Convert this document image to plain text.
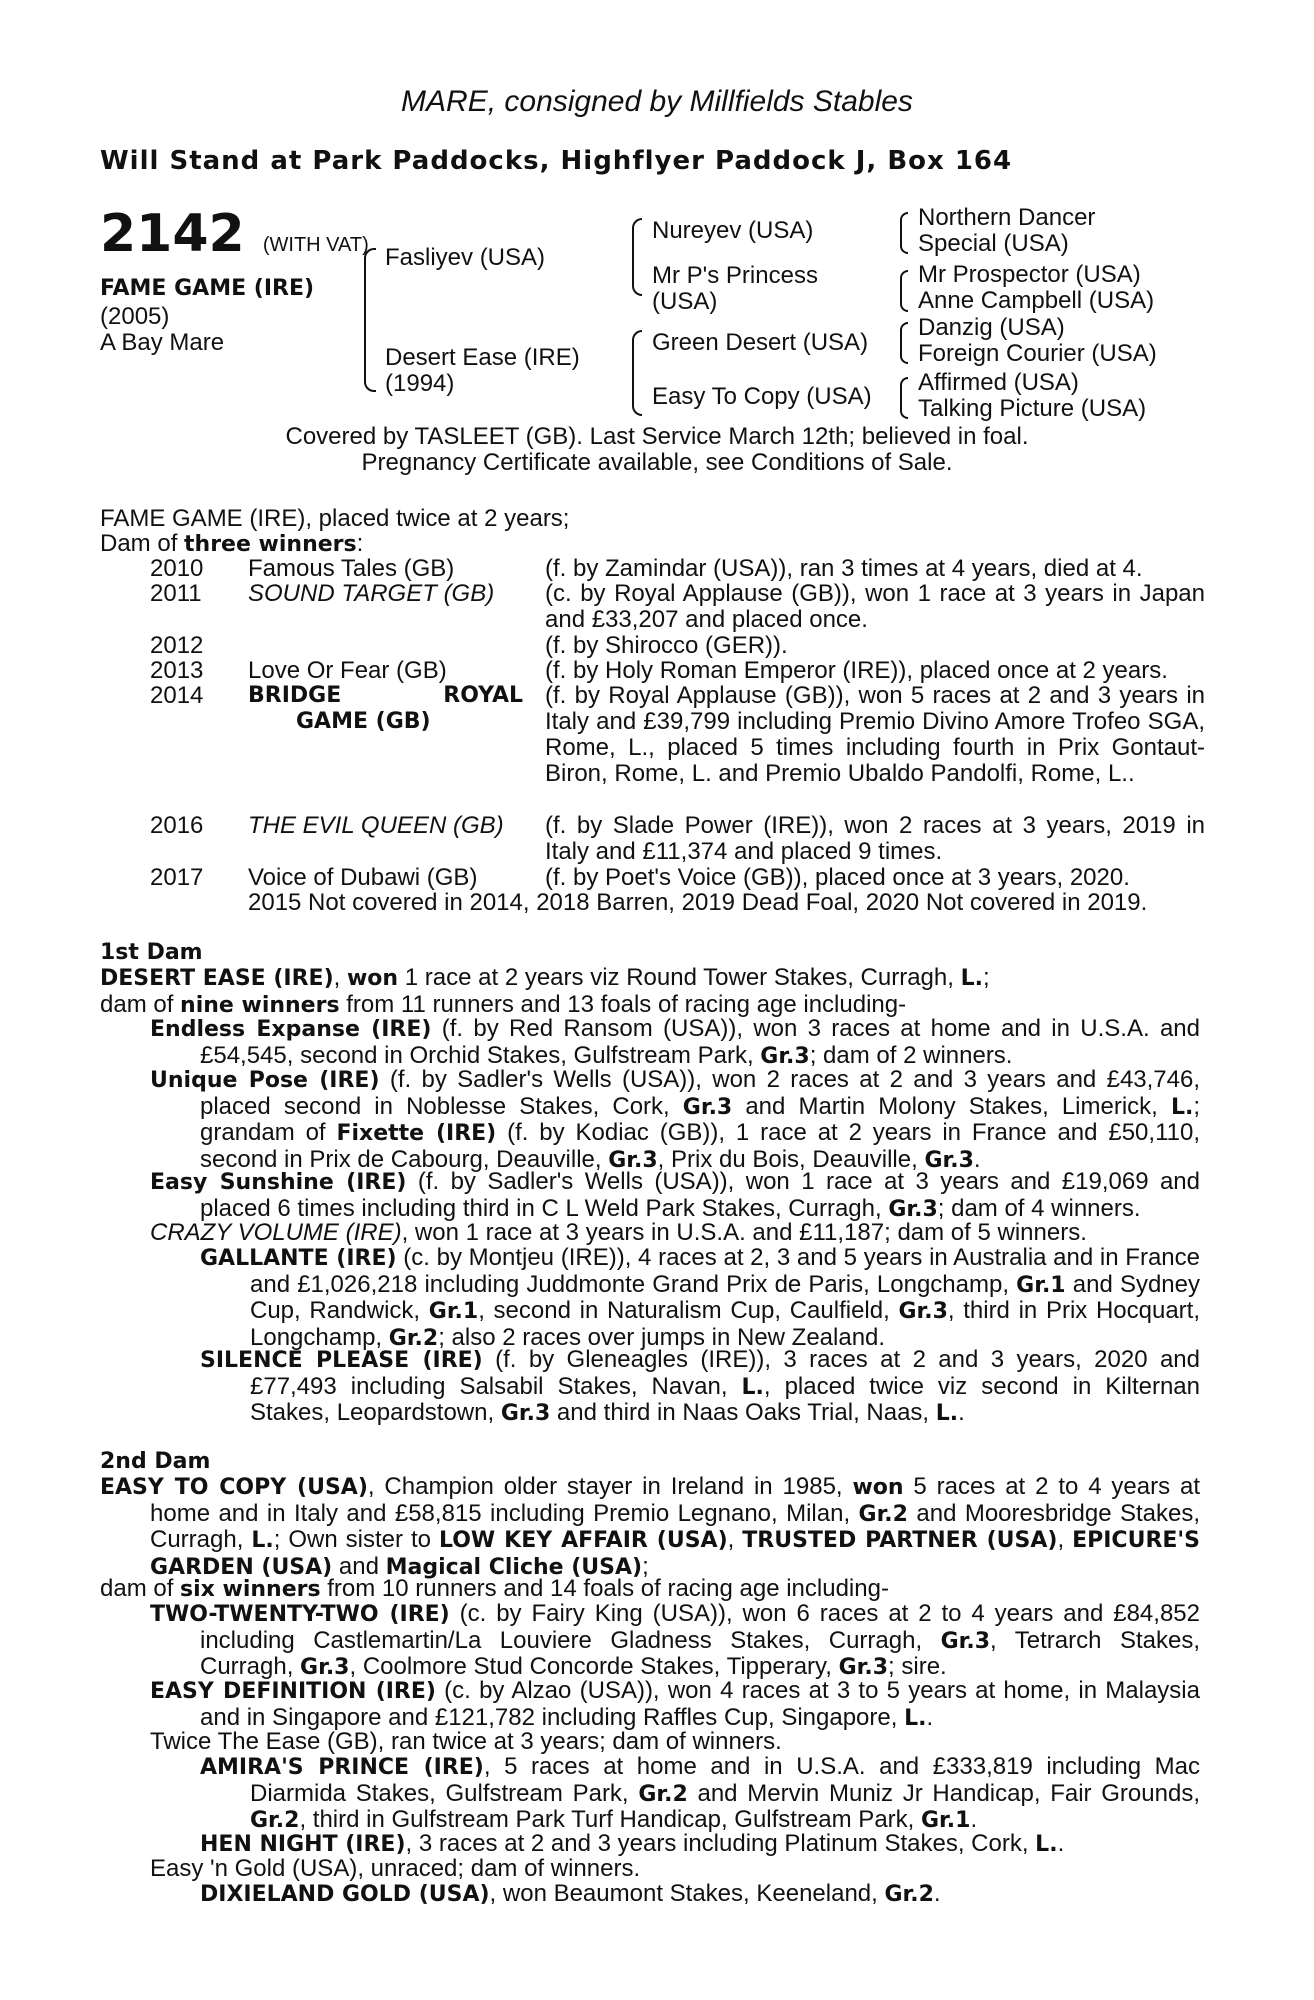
MARE, consigned by Millfields Stables
Will Stand at Park Paddocks, Highflyer Paddock J, Box 164
2142 (WITH VAT)
FAME GAME (IRE)
(2005)
A Bay Mare
Fasliyev (USA)
Desert Ease (IRE)
(1994)
Nureyev (USA)
Mr P's Princess
(USA)
Green Desert (USA)
Easy To Copy (USA)
Northern Dancer
Special (USA)
Mr Prospector (USA)
Anne Campbell (USA)
Danzig (USA)
Foreign Courier (USA)
Affirmed (USA)
Talking Picture (USA)
Covered by TASLEET (GB). Last Service March 12th; believed in foal.
Pregnancy Certificate available, see Conditions of Sale.
FAME GAME (IRE), placed twice at 2 years;
Dam of three winners:
2010 Famous Tales (GB)	(f. by Zamindar (USA)), ran 3 times at 4 years, died at 4.
2011 SOUND TARGET (GB) (c. by Royal Applause (GB)), won 1 race at 3 years in Japan and £33,207 and placed once.
2012	(f. by Shirocco (GER)).
2013 Love Or Fear (GB)	(f. by Holy Roman Emperor (IRE)), placed once at 2 years.
2014 BRIDGE ROYAL
GAME (GB)
(f. by Royal Applause (GB)), won 5 races at 2 and 3 years in Italy and £39,799 including Premio Divino Amore Trofeo SGA, Rome, L., placed 5 times including fourth in Prix Gontaut-Biron, Rome, L. and Premio Ubaldo Pandolfi, Rome, L..
2016 THE EVIL QUEEN (GB) (f. by Slade Power (IRE)), won 2 races at 3 years, 2019 in Italy and £11,374 and placed 9 times.
2017 Voice of Dubawi (GB)	(f. by Poet's Voice (GB)), placed once at 3 years, 2020.
2015 Not covered in 2014, 2018 Barren, 2019 Dead Foal, 2020 Not covered in 2019.
1st Dam
DESERT EASE (IRE), won 1 race at 2 years viz Round Tower Stakes, Curragh, L.;
dam of nine winners from 11 runners and 13 foals of racing age including-
Endless Expanse (IRE) (f. by Red Ransom (USA)), won 3 races at home and in U.S.A. and £54,545, second in Orchid Stakes, Gulfstream Park, Gr.3; dam of 2 winners.
Unique Pose (IRE) (f. by Sadler's Wells (USA)), won 2 races at 2 and 3 years and £43,746, placed second in Noblesse Stakes, Cork, Gr.3 and Martin Molony Stakes, Limerick, L.; grandam of Fixette (IRE) (f. by Kodiac (GB)), 1 race at 2 years in France and £50,110, second in Prix de Cabourg, Deauville, Gr.3, Prix du Bois, Deauville, Gr.3.
Easy Sunshine (IRE) (f. by Sadler's Wells (USA)), won 1 race at 3 years and £19,069 and placed 6 times including third in C L Weld Park Stakes, Curragh, Gr.3; dam of 4 winners.
CRAZY VOLUME (IRE), won 1 race at 3 years in U.S.A. and £11,187; dam of 5 winners.
GALLANTE (IRE) (c. by Montjeu (IRE)), 4 races at 2, 3 and 5 years in Australia and in France and £1,026,218 including Juddmonte Grand Prix de Paris, Longchamp, Gr.1 and Sydney Cup, Randwick, Gr.1, second in Naturalism Cup, Caulfield, Gr.3, third in Prix Hocquart, Longchamp, Gr.2; also 2 races over jumps in New Zealand.
SILENCE PLEASE (IRE) (f. by Gleneagles (IRE)), 3 races at 2 and 3 years, 2020 and £77,493 including Salsabil Stakes, Navan, L., placed twice viz second in Kilternan Stakes, Leopardstown, Gr.3 and third in Naas Oaks Trial, Naas, L..
2nd Dam
EASY TO COPY (USA), Champion older stayer in Ireland in 1985, won 5 races at 2 to 4 years at home and in Italy and £58,815 including Premio Legnano, Milan, Gr.2 and Mooresbridge Stakes, Curragh, L.; Own sister to LOW KEY AFFAIR (USA), TRUSTED PARTNER (USA), EPICURE'S GARDEN (USA) and Magical Cliche (USA);
dam of six winners from 10 runners and 14 foals of racing age including-
TWO-TWENTY-TWO (IRE) (c. by Fairy King (USA)), won 6 races at 2 to 4 years and £84,852 including Castlemartin/La Louviere Gladness Stakes, Curragh, Gr.3, Tetrarch Stakes, Curragh, Gr.3, Coolmore Stud Concorde Stakes, Tipperary, Gr.3; sire.
EASY DEFINITION (IRE) (c. by Alzao (USA)), won 4 races at 3 to 5 years at home, in Malaysia and in Singapore and £121,782 including Raffles Cup, Singapore, L..
Twice The Ease (GB), ran twice at 3 years; dam of winners.
AMIRA'S PRINCE (IRE), 5 races at home and in U.S.A. and £333,819 including Mac Diarmida Stakes, Gulfstream Park, Gr.2 and Mervin Muniz Jr Handicap, Fair Grounds, Gr.2, third in Gulfstream Park Turf Handicap, Gulfstream Park, Gr.1.
HEN NIGHT (IRE), 3 races at 2 and 3 years including Platinum Stakes, Cork, L..
Easy 'n Gold (USA), unraced; dam of winners.
DIXIELAND GOLD (USA), won Beaumont Stakes, Keeneland, Gr.2.
